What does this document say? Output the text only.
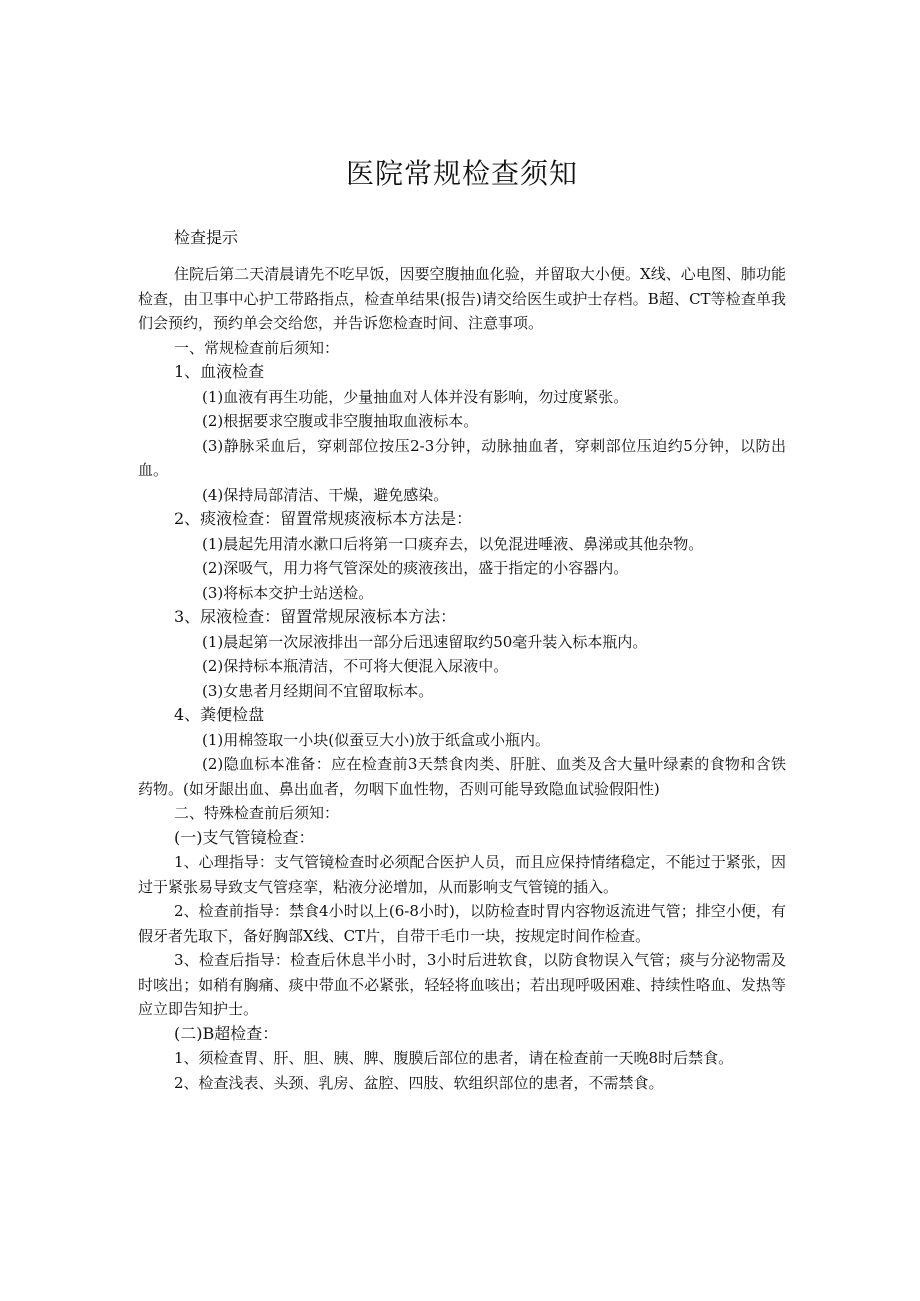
医院常规检查须知

检查提示

住院后第二天清晨请先不吃早饭，因要空腹抽血化验，并留取大小便。X线、心电图、肺功能检查，由卫事中心护工带路指点，检查单结果(报告)请交给医生或护士存档。B超、CT等检查单我们会预约，预约单会交给您，并告诉您检查时间、注意事项。

一、常规检查前后须知：

1、血液检查

(1)血液有再生功能，少量抽血对人体并没有影响，勿过度紧张。

(2)根据要求空腹或非空腹抽取血液标本。

(3)静脉采血后，穿刺部位按压2-3分钟，动脉抽血者，穿刺部位压迫约5分钟，以防出血。

(4)保持局部清洁、干燥，避免感染。

2、痰液检查：留置常规痰液标本方法是：

(1)晨起先用清水漱口后将第一口痰弃去，以免混进唾液、鼻涕或其他杂物。

(2)深吸气，用力将气管深处的痰液孩出，盛于指定的小容器内。

(3)将标本交护士站送检。

3、尿液检查：留置常规尿液标本方法：

(1)晨起第一次尿液排出一部分后迅速留取约50毫升装入标本瓶内。

(2)保持标本瓶清洁，不可将大便混入尿液中。

(3)女患者月经期间不宜留取标本。

4、粪便检盘

(1)用棉签取一小块(似蚕豆大小)放于纸盒或小瓶内。

(2)隐血标本准备：应在检查前3天禁食肉类、肝脏、血类及含大量叶绿素的食物和含铁药物。(如牙龈出血、鼻出血者，勿咽下血性物，否则可能导致隐血试验假阳性)

二、特殊检查前后须知：

(一)支气管镜检查：

1、心理指导：支气管镜检查时必须配合医护人员，而且应保持情绪稳定，不能过于紧张，因过于紧张易导致支气管痉挛，粘液分泌增加，从而影响支气管镜的插入。

2、检查前指导：禁食4小时以上(6-8小时)，以防检查时胃内容物返流进气管；排空小便，有假牙者先取下，备好胸部X线、CT片，自带干毛巾一块，按规定时间作检查。

3、检查后指导：检查后休息半小时，3小时后进软食，以防食物误入气管；痰与分泌物需及时咳出；如稍有胸痛、痰中带血不必紧张，轻轻将血咳出；若出现呼吸困难、持续性咯血、发热等应立即告知护士。

(二)B超检查：

1、须检查胃、肝、胆、胰、脾、腹膜后部位的患者，请在检查前一天晚8时后禁食。

2、检查浅表、头颈、乳房、盆腔、四肢、软组织部位的患者，不需禁食。
